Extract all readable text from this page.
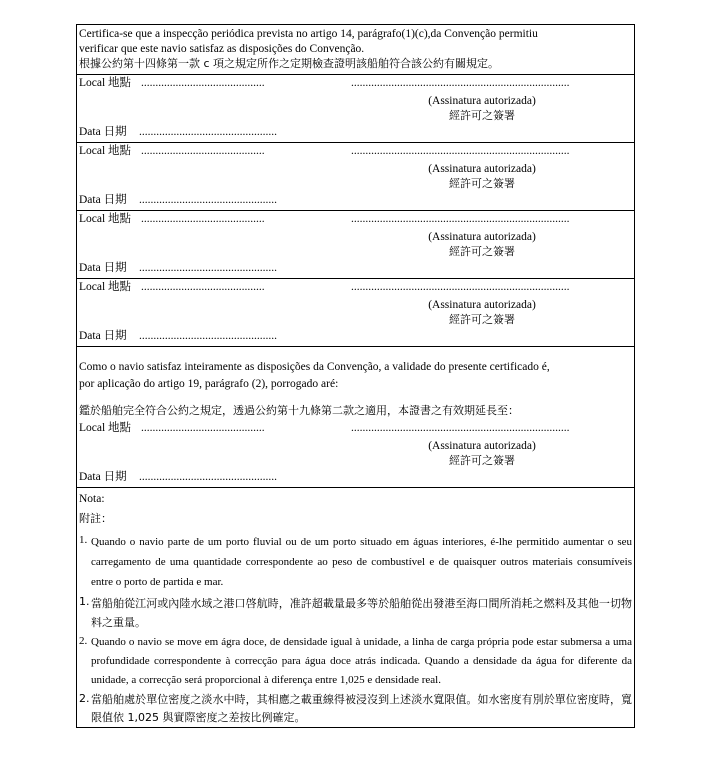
Certifica-se que a inspecção periódica prevista no artigo 14, parágrafo(1)(c),da Convenção permitiu
verificar que este navio satisfaz as disposições do Convenção.
根據公約第十四條第一款 c 項之規定所作之定期檢查證明該船舶符合該公約有關規定。
Local 地點 ...........................................	............................................................................
(Assinatura autorizada)
經許可之簽署
Data 日期 ................................................
Local 地點 ...........................................	............................................................................
(Assinatura autorizada)
經許可之簽署
Data 日期 ................................................
Local 地點 ...........................................	............................................................................
(Assinatura autorizada)
經許可之簽署
Data 日期 ................................................
Local 地點 ...........................................	............................................................................
(Assinatura autorizada)
經許可之簽署
Data 日期 ................................................
Como o navio satisfaz inteiramente as disposições da Convenção, a validade do presente certificado é,
por aplicação do artigo 19, parágrafo (2), porrogado aré:
鑑於船舶完全符合公約之規定，透過公約第十九條第二款之適用，本證書之有效期延長至：
Local 地點 ...........................................	............................................................................
(Assinatura autorizada)
經許可之簽署
Data 日期 ................................................
Nota:
附註：
1. Quando o navio parte de um porto fluvial ou de um porto situado em águas interiores, é-lhe permitido aumentar o seu carregamento de uma quantidade correspondente ao peso de combustível e de quaisquer outros materiais consumíveis entre o porto de partida e mar.
1. 當船舶從江河或內陸水域之港口啓航時，准許超載量最多等於船舶從出發港至海口間所消耗之燃料及其他一切物料之重量。
2. Quando o navio se move em ágra doce, de densidade igual à unidade, a linha de carga própria pode estar submersa a uma profundidade correspondente à correcção para água doce atrás indicada. Quando a densidade da água for diferente da unidade, a correcção será proporcional à diferença entre 1,025 e densidade real.
2. 當船舶處於單位密度之淡水中時，其相應之載重線得被浸沒到上述淡水寬限值。如水密度有別於單位密度時，寬限值依 1,025 與實際密度之差按比例確定。
